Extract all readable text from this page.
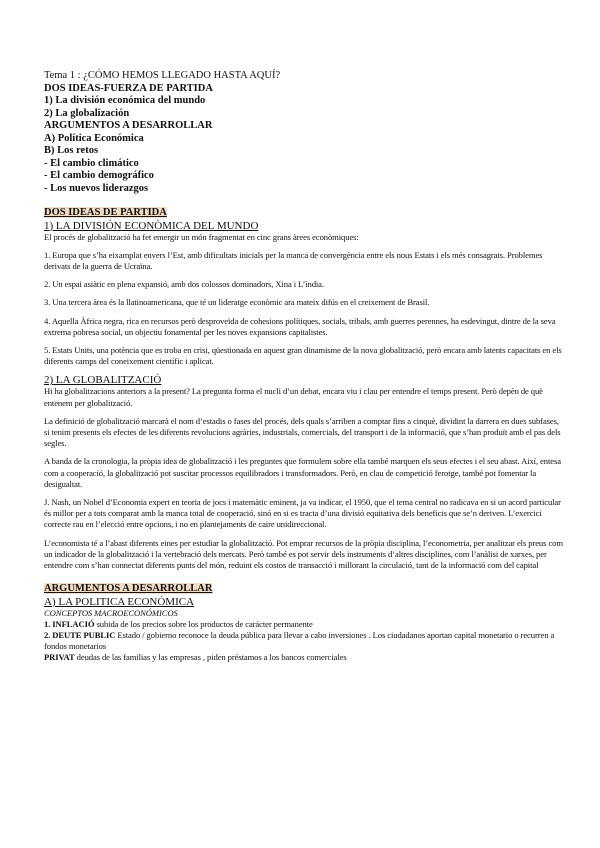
Tema 1 : ¿CÓMO HEMOS LLEGADO HASTA AQUÍ?
DOS IDEAS-FUERZA DE PARTIDA
1) La división económica del mundo
2) La globalización
ARGUMENTOS A DESARROLLAR
A) Política Económica
B) Los retos
- El cambio climático
- El cambio demográfico
- Los nuevos liderazgos
DOS IDEAS DE PARTIDA
1) LA DIVISIÓN ECONÒMICA DEL MUNDO

El procés de globalització ha fet emergir un món fragmentat en cinc grans àrees econòmiques:

1. Europa que s’ha eixamplat envers l’Est, amb dificultats inicials per la manca de convergència entre els nous Estats i els més consagrats. Problemes derivats de la guerra de Ucraïna.

2. Un espai asiàtic en plena expansió, amb dos colossos dominadors, Xina i L’índia.

3. Una tercera àrea és la llatinoamericana, que té un lideratge econòmic ara mateix difús en el creixement de Brasil.

4. Aquella Àfrica negra, rica en recursos però desproveïda de cohesions polítiques, socials, tribals, amb guerres perennes, ha esdevingut, dintre de la seva extrema pobresa social, un objectiu fonamental per les noves expansions capitalistes.

5. Estats Units, una potència que es troba en crisi, qüestionada en aquest gran dinamisme de la nova globalització, però encara amb latents capacitats en els diferents camps del coneixement científic i aplicat.

2) LA GLOBALITZACIÓ

Hi ha globalitzacions anteriors a la present? La pregunta forma el nucli d’un debat, encara viu i clau per entendre el temps present. Però depèn de què entenem per globalització.

La definició de globalització marcarà el nom d’estadis o fases del procés, dels quals s’arriben a comptar fins a cinquè, dividint la darrera en dues subfases, si tenim presents els efectes de les diferents revolucions agràries, industrials, comercials, del transport i de la informació, que s’han produït amb el pas dels segles.

A banda de la cronologia, la pròpia idea de globalització i les preguntes que formulem sobre ella també marquen els seus efectes i el seu abast. Així, entesa com a cooperació, la globalització pot suscitar processos equilibradors i transformadors. Però, en clau de competició ferotge, també pot fomentar la desigualtat.

J. Nash, un Nobel d’Economia expert en teoria de jocs i matemàtic eminent, ja va indicar, el 1950, que el tema central no radicava en si un acord particular és millor per a tots comparat amb la manca total de cooperació, sinó en si es tracta d’una divisió equitativa dels beneficis que se’n deriven. L’exercici correcte rau en l’elecció entre opcions, i no en plantejaments de caire unidireccional.

L’economista té a l’abast diferents eines per estudiar la globalització. Pot emprar recursos de la pròpia disciplina, l’econometria, per analitzar els preus com un indicador de la globalització i la vertebració dels mercats. Però també es pot servir dels instruments d’altres disciplines, com l’anàlisi de xarxes, per entendre com s’han connectat diferents punts del món, reduint els costos de transacció i millorant la circulació, tant de la informació com del capital

ARGUMENTOS A DESARROLLAR
A) LA POLITICA ECONÓMICA
CONCEPTOS MACROECONÓMICOS

1. INFLACIÓ subida de los precios sobre los productos de carácter permanente

2. DEUTE PUBLIC Estado / gobierno reconoce la deuda pública para llevar a cabo inversiones . Los ciudadanos aportan capital monetario o recurren a fondos monetarios

PRIVAT deudas de las familias y las empresas , piden préstamos a los bancos comerciales
